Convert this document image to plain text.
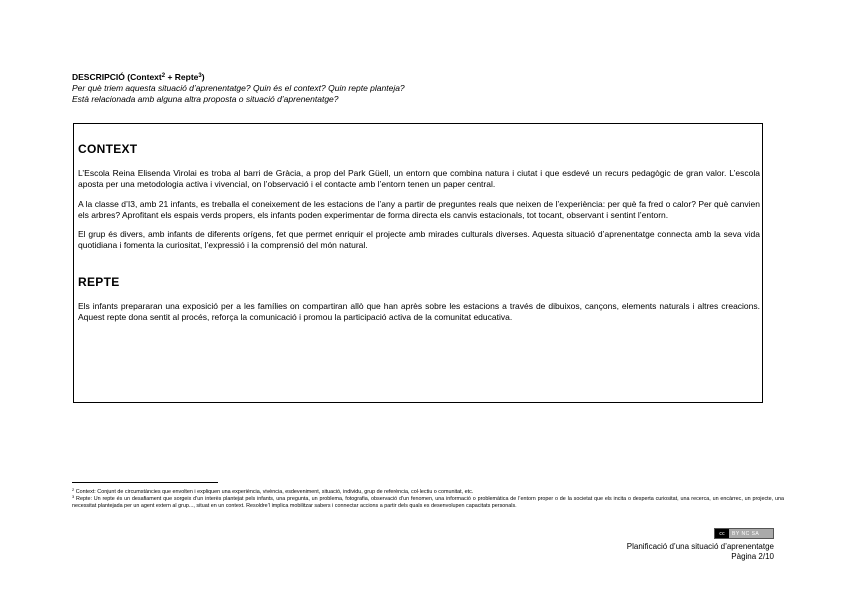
DESCRIPCIÓ (Context$^2$ + Repte$^3$)
Per què triem aquesta situació d’aprenentatge? Quin és el context? Quin repte planteja?
Està relacionada amb alguna altra proposta o situació d’aprenentatge?
CONTEXT

L’Escola Reina Elisenda Virolai es troba al barri de Gràcia, a prop del Park Güell, un entorn que combina natura i ciutat i que esdevé un recurs pedagògic de gran valor. L’escola aposta per una metodologia activa i vivencial, on l’observació i el contacte amb l’entorn tenen un paper central.

A la classe d’I3, amb 21 infants, es treballa el coneixement de les estacions de l’any a partir de preguntes reals que neixen de l’experiència: per què fa fred o calor? Per què canvien els arbres? Aprofitant els espais verds propers, els infants poden experimentar de forma directa els canvis estacionals, tot tocant, observant i sentint l’entorn.

El grup és divers, amb infants de diferents orígens, fet que permet enriquir el projecte amb mirades culturals diverses. Aquesta situació d’aprenentatge connecta amb la seva vida quotidiana i fomenta la curiositat, l’expressió i la comprensió del món natural.

REPTE

Els infants prepararan una exposició per a les famílies on compartiran allò que han après sobre les estacions a través de dibuixos, cançons, elements naturals i altres creacions. Aquest repte dona sentit al procés, reforça la comunicació i promou la participació activa de la comunitat educativa.

$^2$ Context: Conjunt de circumstàncies que envolten i expliquen una experiència, vivència, esdeveniment, situació, individu, grup de referència, col·lectiu o comunitat, etc.
$^3$ Repte: Un repte és un desafiament que sorgeix d’un interès plantejat pels infants, una pregunta, un problema, fotografia, observació d’un fenomen, una informació o problemàtica de l’entorn proper o de la societat que els incita o desperta curiositat, una recerca, un encàrrec, un projecte, una necessitat plantejada per un agent extern al grup..., situat en un context. Resoldre’l implica mobilitzar sabers i connectar accions a partir dels quals es desenvolupen capacitats personals.
cc	BY NC SA
Planificació d’una situació d’aprenentatge
Pàgina 2/10
